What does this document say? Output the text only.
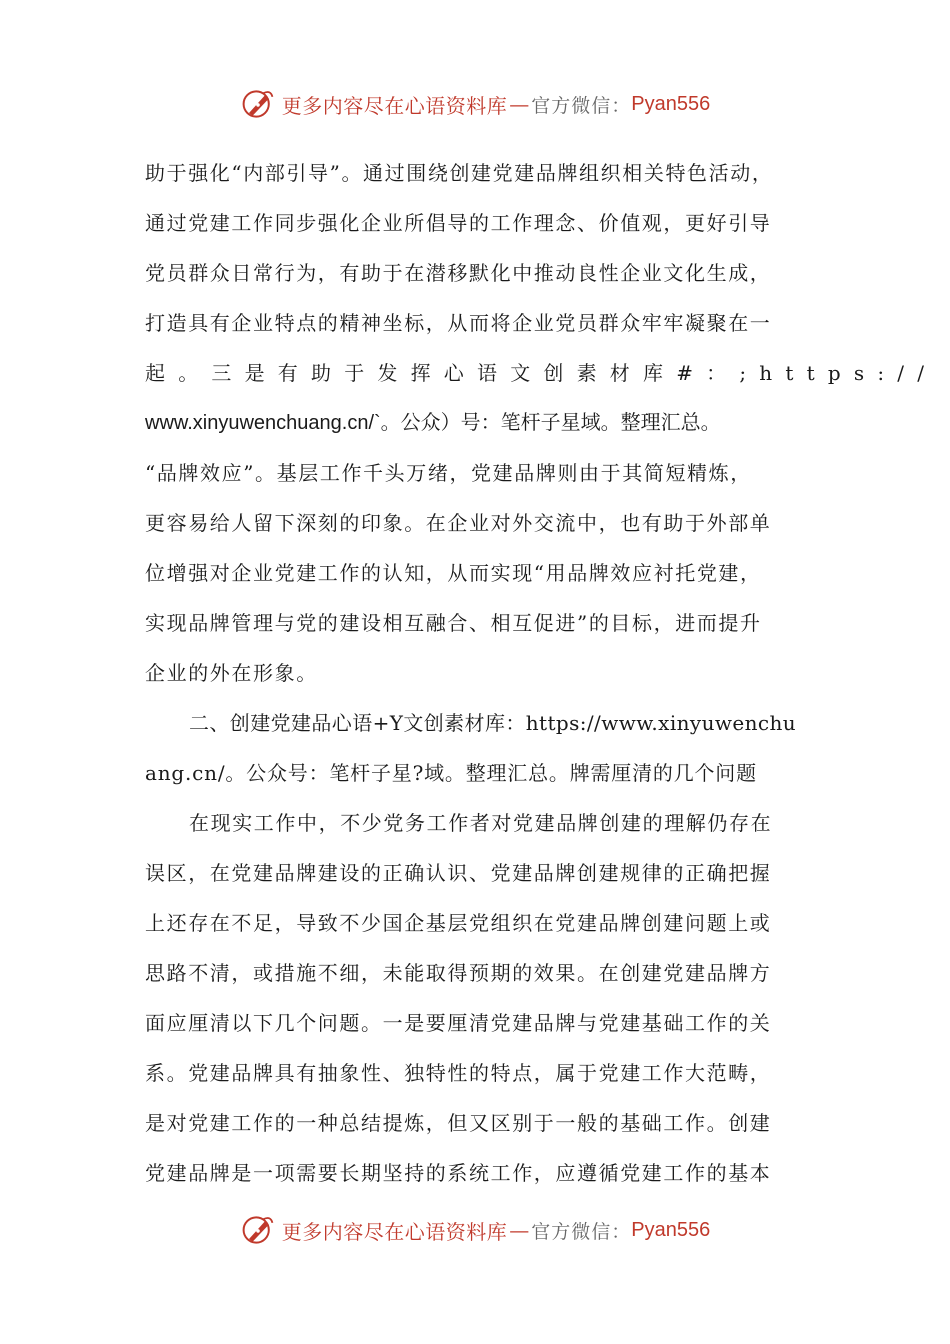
更多内容尽在心语资料库 — 官方微信： Pyan556
助于强化“内部引导”。通过围绕创建党建品牌组织相关特色活动，
通过党建工作同步强化企业所倡导的工作理念、价值观，更好引导
党员群众日常行为，有助于在潜移默化中推动良性企业文化生成，
打造具有企业特点的精神坐标，从而将企业党员群众牢牢凝聚在一
起。三是有助于发挥心语文创素材库#：;https://
www.xinyuwenchuang.cn/`。公众）号：笔杆子星域。整理汇总。
“品牌效应”。基层工作千头万绪，党建品牌则由于其简短精炼，
更容易给人留下深刻的印象。在企业对外交流中，也有助于外部单
位增强对企业党建工作的认知，从而实现“用品牌效应衬托党建，
实现品牌管理与党的建设相互融合、相互促进”的目标，进而提升
企业的外在形象。
二、创建党建品心语+Y文创素材库：https://www.xinyuwenchu
ang.cn/。公众号：笔杆子星?域。整理汇总。牌需厘清的几个问题
在现实工作中，不少党务工作者对党建品牌创建的理解仍存在
误区，在党建品牌建设的正确认识、党建品牌创建规律的正确把握
上还存在不足，导致不少国企基层党组织在党建品牌创建问题上或
思路不清，或措施不细，未能取得预期的效果。在创建党建品牌方
面应厘清以下几个问题。一是要厘清党建品牌与党建基础工作的关
系。党建品牌具有抽象性、独特性的特点，属于党建工作大范畴，
是对党建工作的一种总结提炼，但又区别于一般的基础工作。创建
党建品牌是一项需要长期坚持的系统工作，应遵循党建工作的基本
更多内容尽在心语资料库 — 官方微信： Pyan556
